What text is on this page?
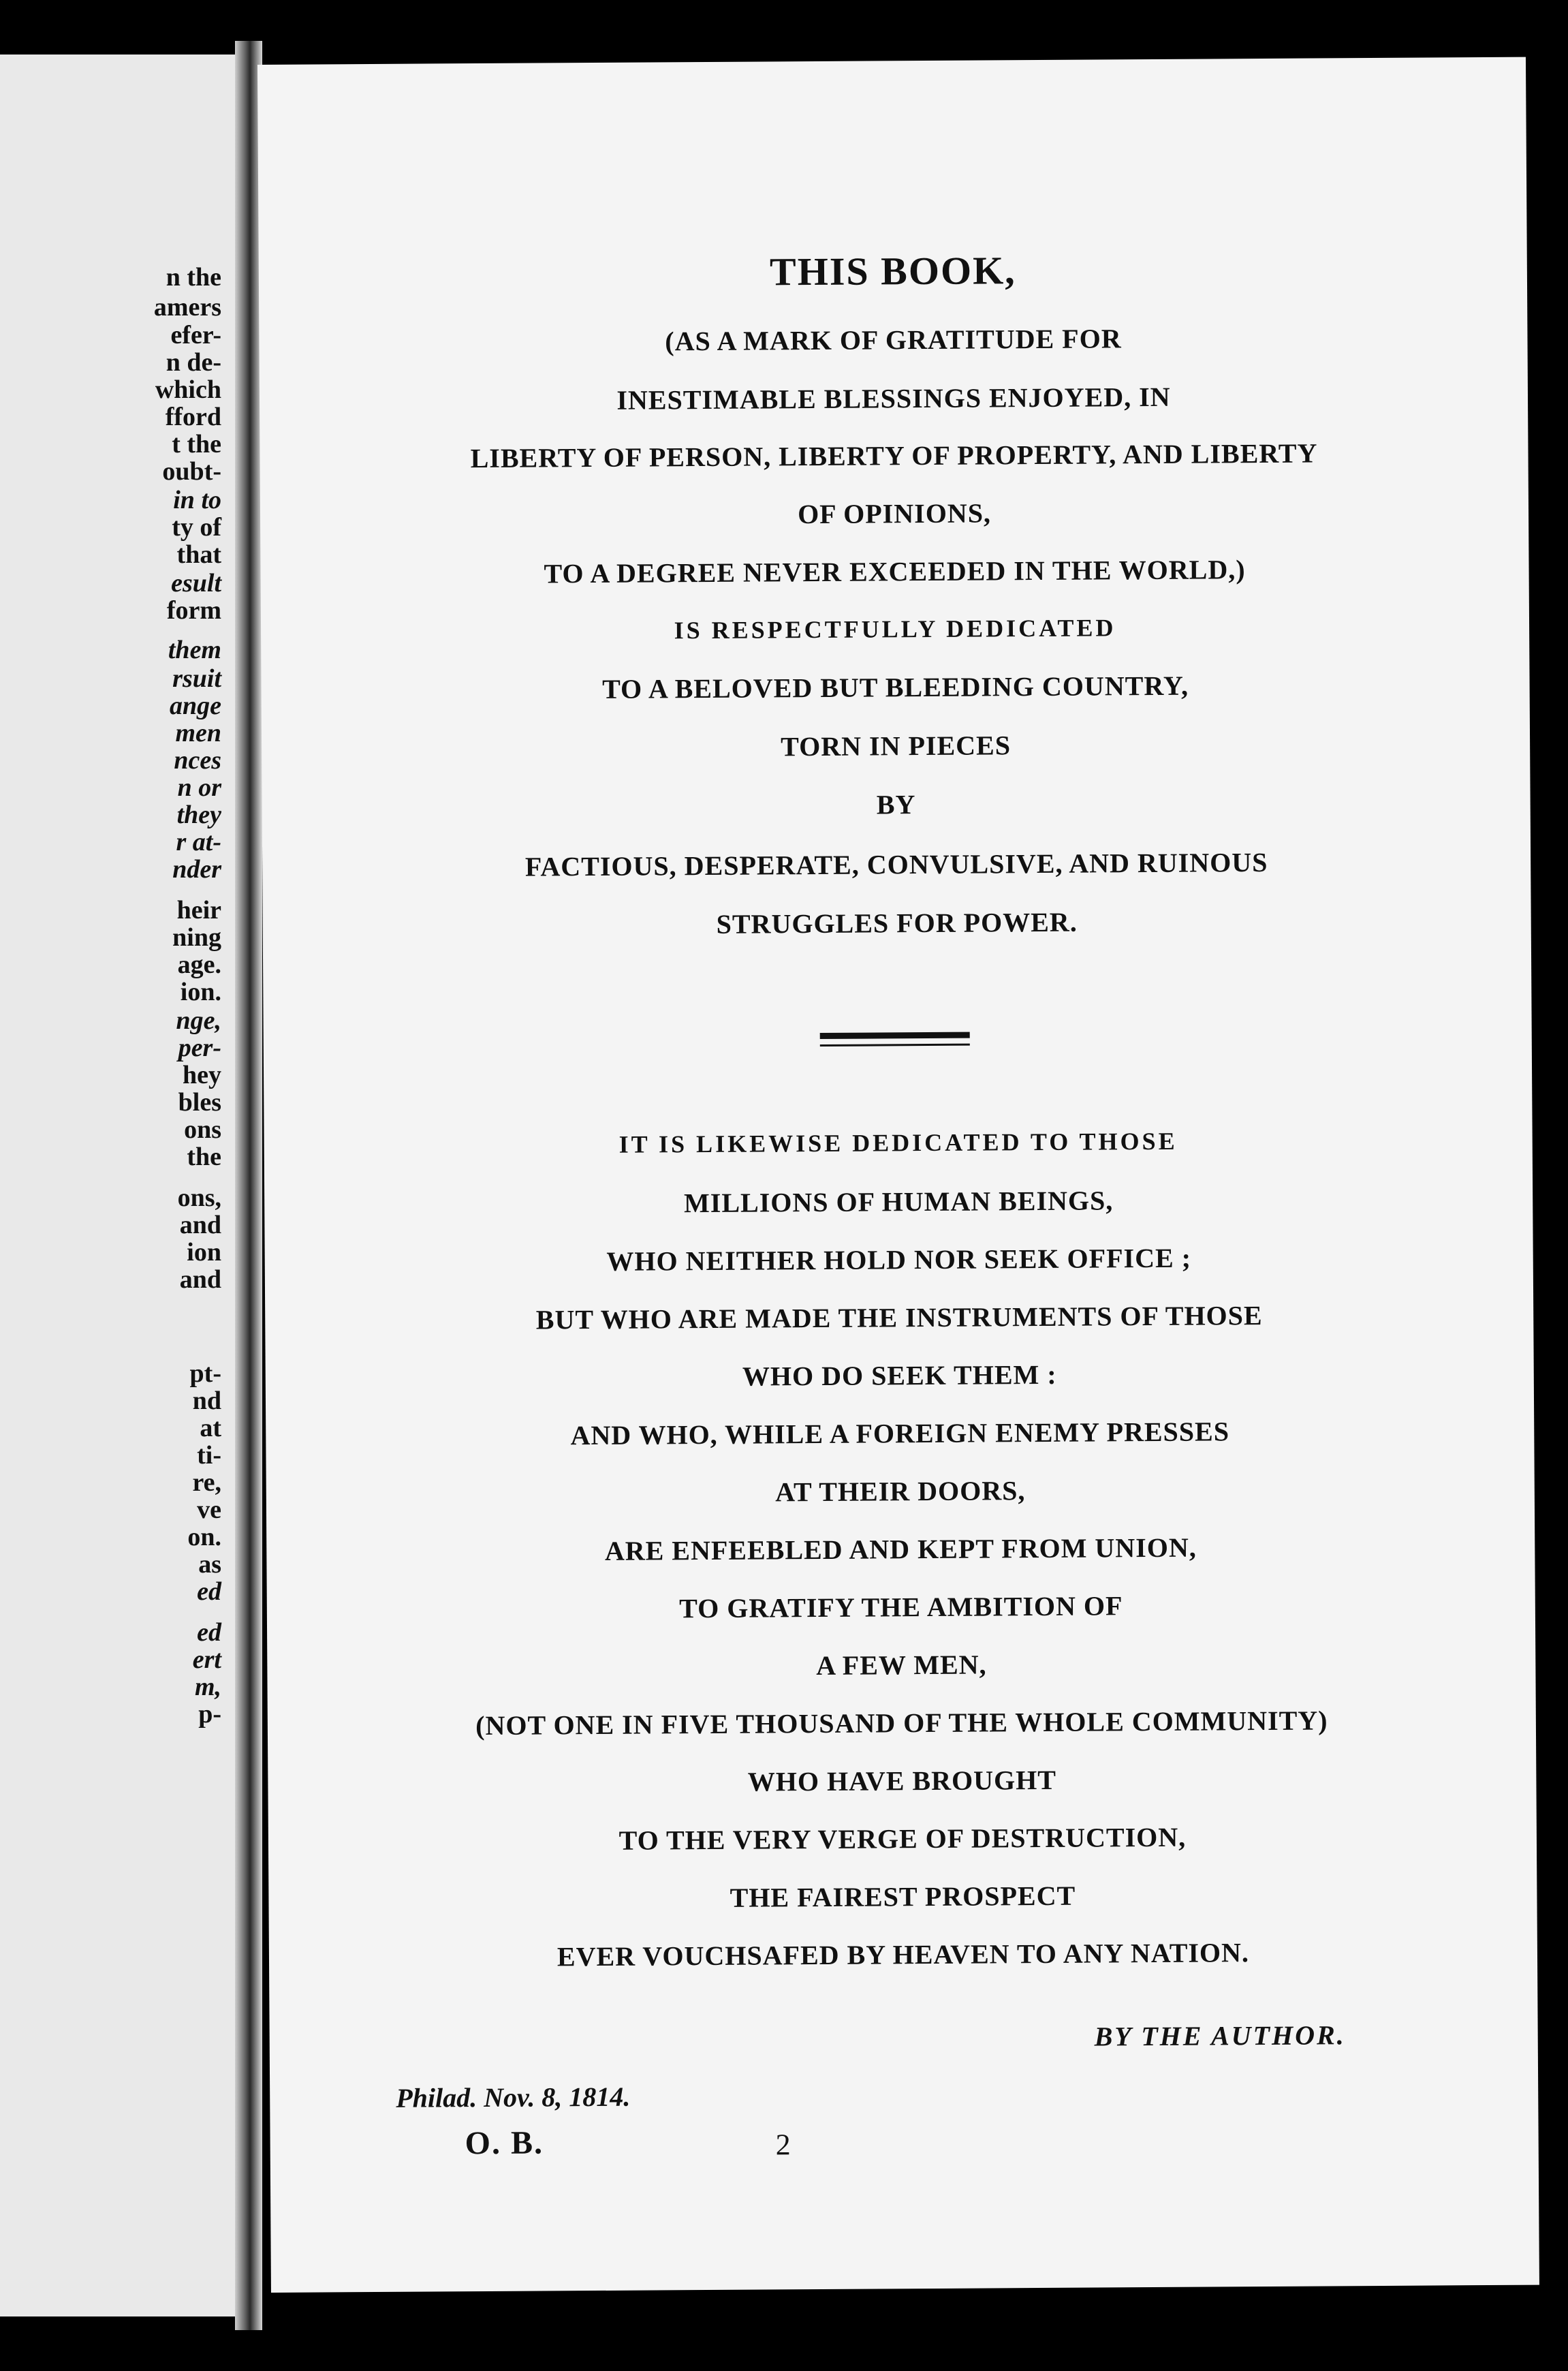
n the
amers
efer-
n de-
which
fford
t the
oubt-
in to
ty of
that
esult
form
them
rsuit
ange
men
nces
n or
they
r at-
nder
heir
ning
age.
ion.
nge,
per-
hey
bles
ons
the
ons,
and
ion
and
pt-
nd
at
ti-
re,
ve
on.
as
ed
ed
ert
m,
p-
THIS BOOK,
(AS A MARK OF GRATITUDE FOR
INESTIMABLE BLESSINGS ENJOYED, IN
LIBERTY OF PERSON, LIBERTY OF PROPERTY, AND LIBERTY
OF OPINIONS,
TO A DEGREE NEVER EXCEEDED IN THE WORLD,)
IS RESPECTFULLY DEDICATED
TO A BELOVED BUT BLEEDING COUNTRY,
TORN IN PIECES
BY
FACTIOUS, DESPERATE, CONVULSIVE, AND RUINOUS
STRUGGLES FOR POWER.
IT IS LIKEWISE DEDICATED TO THOSE
MILLIONS OF HUMAN BEINGS,
WHO NEITHER HOLD NOR SEEK OFFICE ;
BUT WHO ARE MADE THE INSTRUMENTS OF THOSE
WHO DO SEEK THEM :
AND WHO, WHILE A FOREIGN ENEMY PRESSES
AT THEIR DOORS,
ARE ENFEEBLED AND KEPT FROM UNION,
TO GRATIFY THE AMBITION OF
A FEW MEN,
(NOT ONE IN FIVE THOUSAND OF THE WHOLE COMMUNITY)
WHO HAVE BROUGHT
TO THE VERY VERGE OF DESTRUCTION,
THE FAIREST PROSPECT
EVER VOUCHSAFED BY HEAVEN TO ANY NATION.
BY THE AUTHOR.
Philad. Nov. 8, 1814.
O. B.	2
